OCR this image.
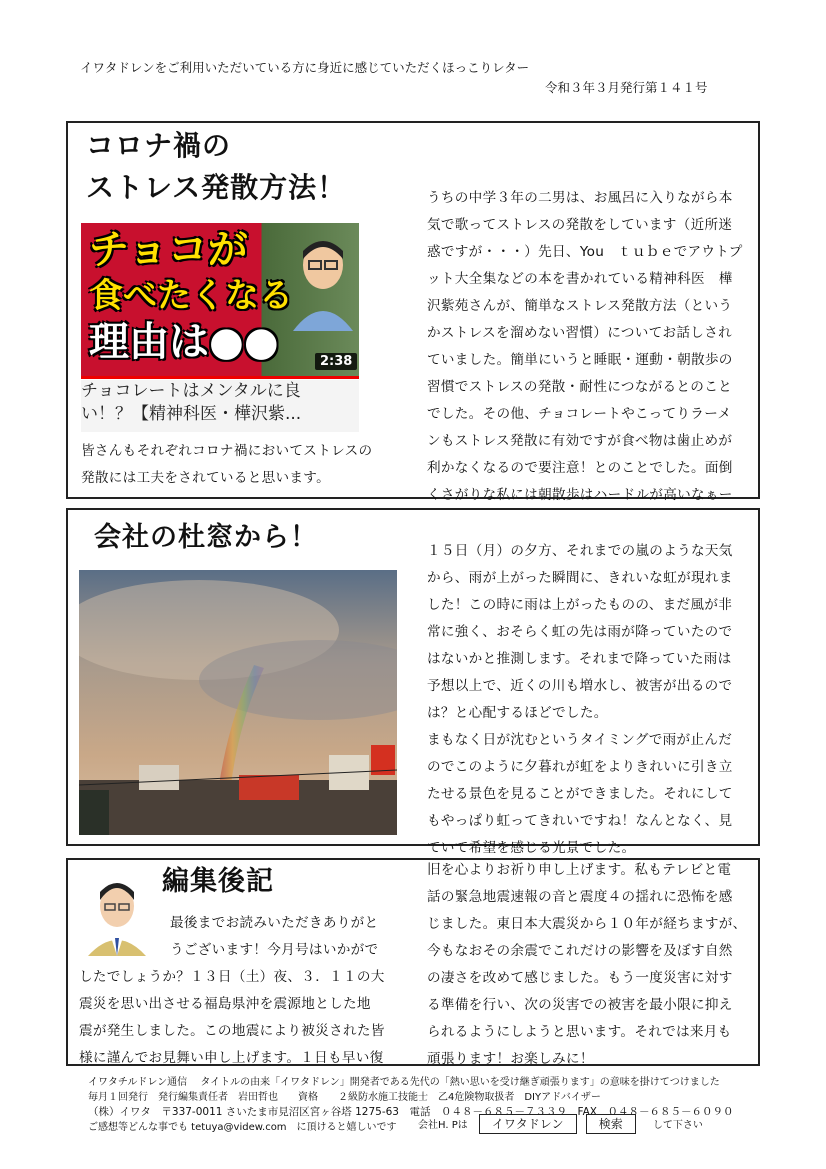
イワタドレンをご利用いただいている方に身近に感じていただくほっこりレター
令和３年３月発行第１４１号
コロナ禍の
ストレス発散方法！
チョコが
食べたくなる
理由は●●	2:38
チョコレートはメンタルに良
い！？【精神科医・樺沢紫...
皆さんもそれぞれコロナ禍においてストレスの
発散には工夫をされていると思います。
うちの中学３年の二男は、お風呂に入りながら本
気で歌ってストレスの発散をしています（近所迷
惑ですが・・・）先日、You　ｔｕｂｅでアウトプ
ット大全集などの本を書かれている精神科医　樺
沢紫苑さんが、簡単なストレス発散方法（という
かストレスを溜めない習慣）についてお話しされ
ていました。簡単にいうと睡眠・運動・朝散歩の
習慣でストレスの発散・耐性につながるとのこと
でした。その他、チョコレートやこってりラーメ
ンもストレス発散に有効ですが食べ物は歯止めが
利かなくなるので要注意！とのことでした。面倒
くさがりな私には朝散歩はハードルが高いなぁー
会社の杜窓から！	１５日（月）の夕方、それまでの嵐のような天気
から、雨が上がった瞬間に、きれいな虹が現れま
した！この時に雨は上がったものの、まだ風が非
常に強く、おそらく虹の先は雨が降っていたので
はないかと推測します。それまで降っていた雨は
予想以上で、近くの川も増水し、被害が出るので
は？と心配するほどでした。
まもなく日が沈むというタイミングで雨が止んだ
のでこのように夕暮れが虹をよりきれいに引き立
たせる景色を見ることができました。それにして
もやっぱり虹ってきれいですね！なんとなく、見
ていて希望を感じる光景でした。
編集後記
最後までお読みいただきありがと
うございます！今月号はいかがで
したでしょうか？１３日（土）夜、３．１１の大
震災を思い出させる福島県沖を震源地とした地
震が発生しました。この地震により被災された皆
様に謹んでお見舞い申し上げます。１日も早い復
旧を心よりお祈り申し上げます。私もテレビと電
話の緊急地震速報の音と震度４の揺れに恐怖を感
じました。東日本大震災から１０年が経ちますが、
今もなおその余震でこれだけの影響を及ぼす自然
の凄さを改めて感じました。もう一度災害に対す
る準備を行い、次の災害での被害を最小限に抑え
られるようにしようと思います。それでは来月も
頑張ります！お楽しみに！
イワタチルドレン通信　 タイトルの由来「イワタドレン」開発者である先代の「熱い思いを受け継ぎ頑張ります」の意味を掛けてつけました
毎月１回発行　発行編集責任者　岩田哲也　　資格　　２級防水施工技能士　乙4危険物取扱者　DIYアドバイザー
（株）イワタ　〒337-0011 さいたま市見沼区宮ヶ谷塔 1275-63　電話　０４８－６８５－７３３９　FAX　０４８－６８５－６０９０
ご感想等どんな事でも tetuya@videw.com　に頂けると嬉しいです	会社H. Pは イワタドレン	検索	して下さい
